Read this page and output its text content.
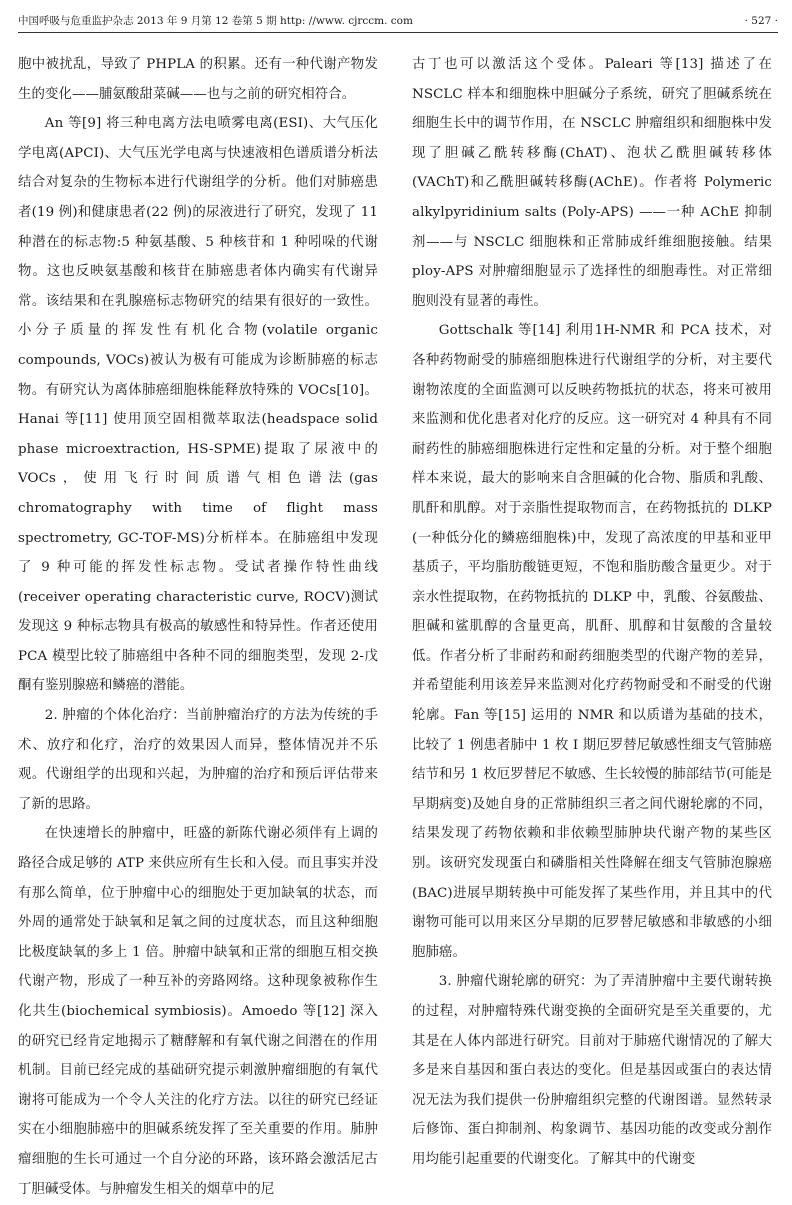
中国呼吸与危重监护杂志 2013 年 9 月第 12 卷第 5 期 http: //www. cjrccm. com	· 527 ·

胞中被扰乱，导致了 PHPLA 的积累。还有一种代谢产物发生的变化——脯氨酸甜菜碱——也与之前的研究相符合。

An 等[9] 将三种电离方法电喷雾电离(ESI)、大气压化学电离(APCI)、大气压光学电离与快速液相色谱质谱分析法结合对复杂的生物标本进行代谢组学的分析。他们对肺癌患者(19 例)和健康患者(22 例)的尿液进行了研究，发现了 11 种潜在的标志物:5 种氨基酸、5 种核苷和 1 种吲哚的代谢物。这也反映氨基酸和核苷在肺癌患者体内确实有代谢异常。该结果和在乳腺癌标志物研究的结果有很好的一致性。小分子质量的挥发性有机化合物(volatile organic compounds, VOCs)被认为极有可能成为诊断肺癌的标志物。有研究认为离体肺癌细胞株能释放特殊的 VOCs[10]。Hanai 等[11] 使用顶空固相微萃取法(headspace solid phase microextraction, HS-SPME)提取了尿液中的 VOCs，使用飞行时间质谱气相色谱法(gas chromatography with time of flight mass spectrometry, GC-TOF-MS)分析样本。在肺癌组中发现了 9 种可能的挥发性标志物。受试者操作特性曲线(receiver operating characteristic curve, ROCV)测试发现这 9 种标志物具有极高的敏感性和特异性。作者还使用 PCA 模型比较了肺癌组中各种不同的细胞类型，发现 2-戊酮有鉴别腺癌和鳞癌的潜能。

2. 肿瘤的个体化治疗：当前肿瘤治疗的方法为传统的手术、放疗和化疗，治疗的效果因人而异，整体情况并不乐观。代谢组学的出现和兴起，为肿瘤的治疗和预后评估带来了新的思路。

在快速增长的肿瘤中，旺盛的新陈代谢必须伴有上调的路径合成足够的 ATP 来供应所有生长和入侵。而且事实并没有那么简单，位于肿瘤中心的细胞处于更加缺氧的状态，而外周的通常处于缺氧和足氧之间的过度状态，而且这种细胞比极度缺氧的多上 1 倍。肿瘤中缺氧和正常的细胞互相交换代谢产物，形成了一种互补的旁路网络。这种现象被称作生化共生(biochemical symbiosis)。Amoedo 等[12] 深入的研究已经肯定地揭示了糖酵解和有氧代谢之间潜在的作用机制。目前已经完成的基础研究提示刺激肿瘤细胞的有氧代谢将可能成为一个令人关注的化疗方法。以往的研究已经证实在小细胞肺癌中的胆碱系统发挥了至关重要的作用。肺肿瘤细胞的生长可通过一个自分泌的环路，该环路会激活尼古丁胆碱受体。与肿瘤发生相关的烟草中的尼

古丁也可以激活这个受体。Paleari 等[13] 描述了在 NSCLC 样本和细胞株中胆碱分子系统，研究了胆碱系统在细胞生长中的调节作用，在 NSCLC 肿瘤组织和细胞株中发现了胆碱乙酰转移酶(ChAT)、泡状乙酰胆碱转移体(VAChT)和乙酰胆碱转移酶(AChE)。作者将 Polymeric alkylpyridinium salts (Poly-APS) ——一种 AChE 抑制剂——与 NSCLC 细胞株和正常肺成纤维细胞接触。结果 ploy-APS 对肿瘤细胞显示了选择性的细胞毒性。对正常细胞则没有显著的毒性。

Gottschalk 等[14] 利用1H-NMR 和 PCA 技术，对各种药物耐受的肺癌细胞株进行代谢组学的分析，对主要代谢物浓度的全面监测可以反映药物抵抗的状态，将来可被用来监测和优化患者对化疗的反应。这一研究对 4 种具有不同耐药性的肺癌细胞株进行定性和定量的分析。对于整个细胞样本来说，最大的影响来自含胆碱的化合物、脂质和乳酸、肌酐和肌醇。对于亲脂性提取物而言，在药物抵抗的 DLKP (一种低分化的鳞癌细胞株)中，发现了高浓度的甲基和亚甲基质子，平均脂肪酸链更短，不饱和脂肪酸含量更少。对于亲水性提取物，在药物抵抗的 DLKP 中，乳酸、谷氨酸盐、胆碱和鲨肌醇的含量更高，肌酐、肌醇和甘氨酸的含量较低。作者分析了非耐药和耐药细胞类型的代谢产物的差异，并希望能利用该差异来监测对化疗药物耐受和不耐受的代谢轮廓。Fan 等[15] 运用的 NMR 和以质谱为基础的技术，比较了 1 例患者肺中 1 枚 Ⅰ 期厄罗替尼敏感性细支气管肺癌结节和另 1 枚厄罗替尼不敏感、生长较慢的肺部结节(可能是早期病变)及她自身的正常肺组织三者之间代谢轮廓的不同，结果发现了药物依赖和非依赖型肺肿块代谢产物的某些区别。该研究发现蛋白和磷脂相关性降解在细支气管肺泡腺癌(BAC)进展早期转换中可能发挥了某些作用，并且其中的代谢物可能可以用来区分早期的厄罗替尼敏感和非敏感的小细胞肺癌。

3. 肿瘤代谢轮廓的研究：为了弄清肿瘤中主要代谢转换的过程，对肿瘤特殊代谢变换的全面研究是至关重要的，尤其是在人体内部进行研究。目前对于肺癌代谢情况的了解大多是来自基因和蛋白表达的变化。但是基因或蛋白的表达情况无法为我们提供一份肿瘤组织完整的代谢图谱。显然转录后修饰、蛋白抑制剂、构象调节、基因功能的改变或分割作用均能引起重要的代谢变化。了解其中的代谢变
